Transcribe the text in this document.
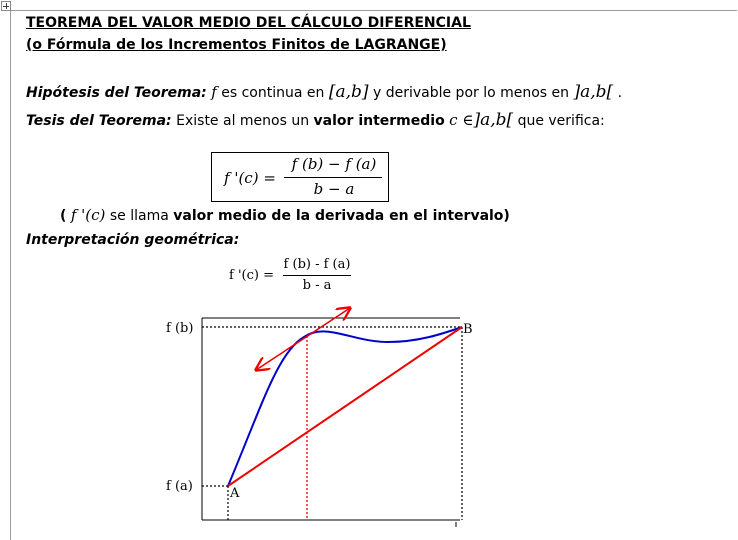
TEOREMA DEL VALOR MEDIO DEL CÁLCULO DIFERENCIAL
(o Fórmula de los Incrementos Finitos de LAGRANGE)
Hipótesis del Teorema: f es continua en [a,b] y derivable por lo menos en ]a,b[ .
Tesis del Teorema: Existe al menos un valor intermedio c ∈]a,b[ que verifica:
f '(c) =
f (b) − f (a)
b − a
( f '(c) se llama valor medio de la derivada en el intervalo)
Interpretación geométrica:
f '(c) =
f (b) - f (a)
b - a
f (b)
f (a)	A
B
